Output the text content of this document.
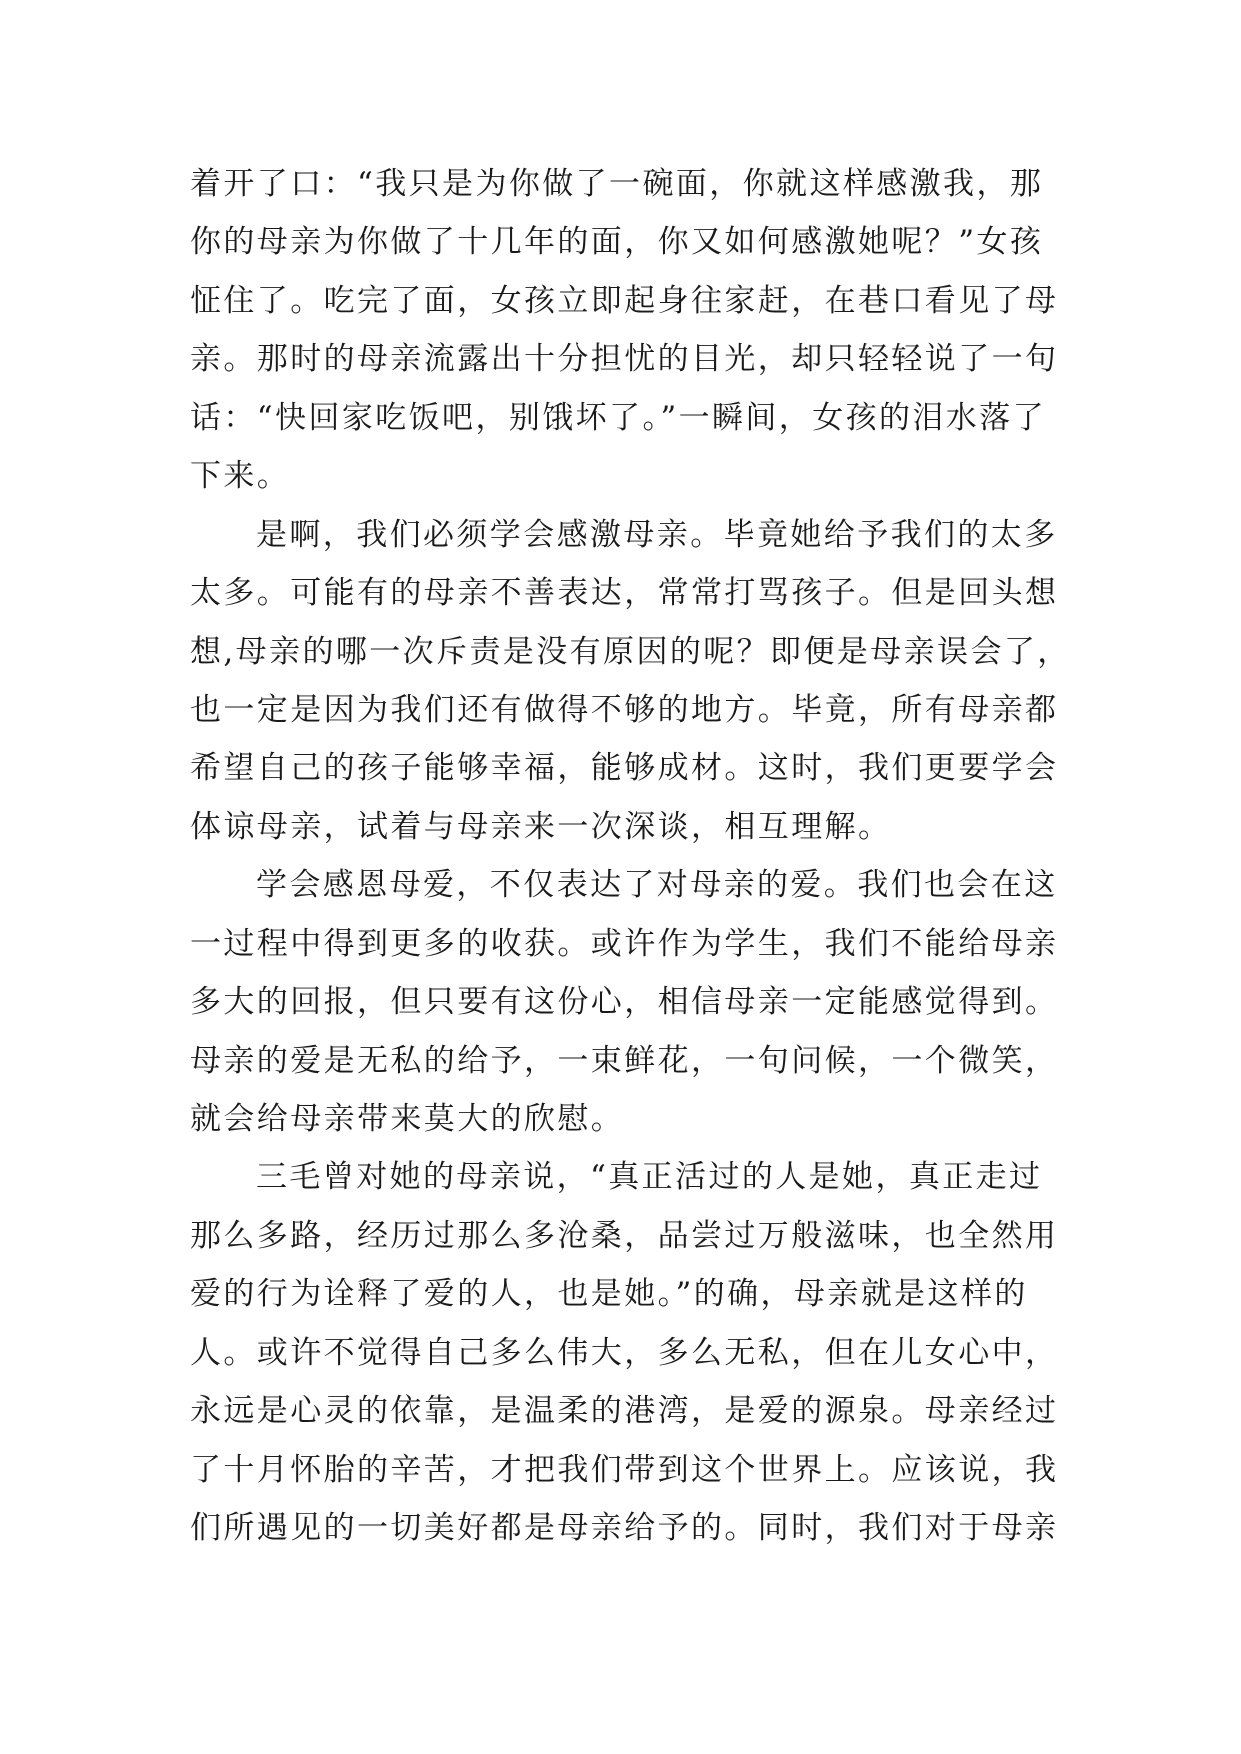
着开了口：“我只是为你做了一碗面，你就这样感激我，那
你的母亲为你做了十几年的面，你又如何感激她呢？”女孩
怔住了。吃完了面，女孩立即起身往家赶，在巷口看见了母
亲。那时的母亲流露出十分担忧的目光，却只轻轻说了一句
话：“快回家吃饭吧，别饿坏了。”一瞬间，女孩的泪水落了
下来。
是啊，我们必须学会感激母亲。毕竟她给予我们的太多
太多。可能有的母亲不善表达，常常打骂孩子。但是回头想
想,母亲的哪一次斥责是没有原因的呢？即便是母亲误会了，
也一定是因为我们还有做得不够的地方。毕竟，所有母亲都
希望自己的孩子能够幸福，能够成材。这时，我们更要学会
体谅母亲，试着与母亲来一次深谈，相互理解。
学会感恩母爱，不仅表达了对母亲的爱。我们也会在这
一过程中得到更多的收获。或许作为学生，我们不能给母亲
多大的回报，但只要有这份心，相信母亲一定能感觉得到。
母亲的爱是无私的给予，一束鲜花，一句问候，一个微笑，
就会给母亲带来莫大的欣慰。
三毛曾对她的母亲说，“真正活过的人是她，真正走过
那么多路，经历过那么多沧桑，品尝过万般滋味，也全然用
爱的行为诠释了爱的人，也是她。”的确，母亲就是这样的
人。或许不觉得自己多么伟大，多么无私，但在儿女心中，
永远是心灵的依靠，是温柔的港湾，是爱的源泉。母亲经过
了十月怀胎的辛苦，才把我们带到这个世界上。应该说，我
们所遇见的一切美好都是母亲给予的。同时，我们对于母亲
